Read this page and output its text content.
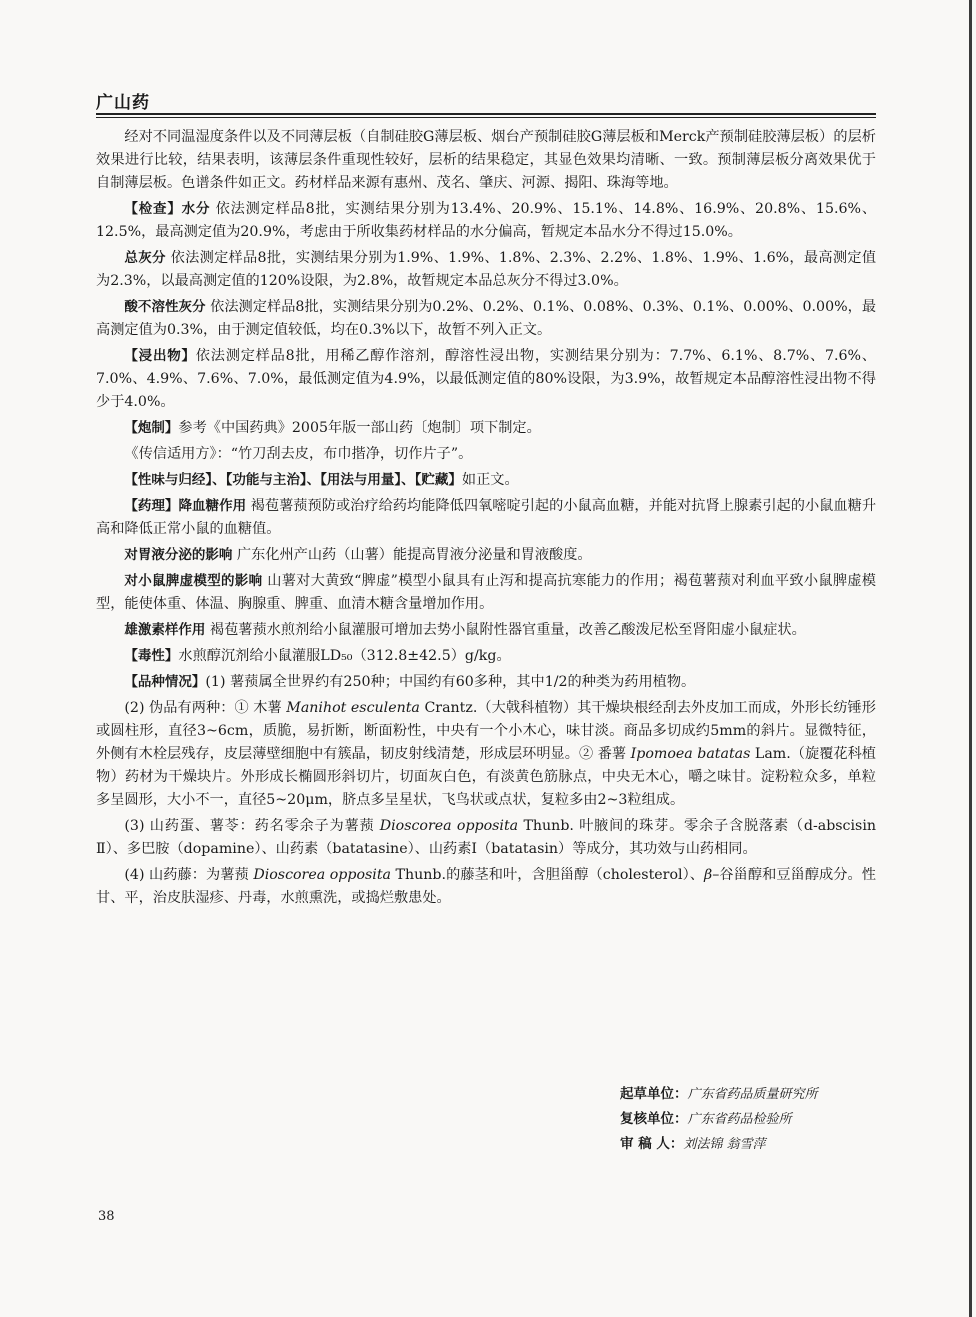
广山药

经对不同温湿度条件以及不同薄层板（自制硅胶G薄层板、烟台产预制硅胶G薄层板和Merck产预制硅胶薄层板）的层析效果进行比较，结果表明，该薄层条件重现性较好，层析的结果稳定，其显色效果均清晰、一致。预制薄层板分离效果优于自制薄层板。色谱条件如正文。药材样品来源有惠州、茂名、肇庆、河源、揭阳、珠海等地。

【检查】水分 依法测定样品8批，实测结果分别为13.4%、20.9%、15.1%、14.8%、16.9%、20.8%、15.6%、12.5%，最高测定值为20.9%，考虑由于所收集药材样品的水分偏高，暂规定本品水分不得过15.0%。

总灰分 依法测定样品8批，实测结果分别为1.9%、1.9%、1.8%、2.3%、2.2%、1.8%、1.9%、1.6%，最高测定值为2.3%，以最高测定值的120%设限，为2.8%，故暂规定本品总灰分不得过3.0%。

酸不溶性灰分 依法测定样品8批，实测结果分别为0.2%、0.2%、0.1%、0.08%、0.3%、0.1%、0.00%、0.00%，最高测定值为0.3%，由于测定值较低，均在0.3%以下，故暂不列入正文。

【浸出物】依法测定样品8批，用稀乙醇作溶剂，醇溶性浸出物，实测结果分别为：7.7%、6.1%、8.7%、7.6%、7.0%、4.9%、7.6%、7.0%，最低测定值为4.9%，以最低测定值的80%设限，为3.9%，故暂规定本品醇溶性浸出物不得少于4.0%。

【炮制】参考《中国药典》2005年版一部山药〔炮制〕项下制定。

《传信适用方》：“竹刀刮去皮，布巾揩净，切作片子”。

【性味与归经】、【功能与主治】、【用法与用量】、【贮藏】如正文。

【药理】降血糖作用 褐苞薯蓣预防或治疗给药均能降低四氧嘧啶引起的小鼠高血糖，并能对抗肾上腺素引起的小鼠血糖升高和降低正常小鼠的血糖值。

对胃液分泌的影响 广东化州产山药（山薯）能提高胃液分泌量和胃液酸度。

对小鼠脾虚模型的影响 山薯对大黄致“脾虚”模型小鼠具有止泻和提高抗寒能力的作用；褐苞薯蓣对利血平致小鼠脾虚模型，能使体重、体温、胸腺重、脾重、血清木糖含量增加作用。

雄激素样作用 褐苞薯蓣水煎剂给小鼠灌服可增加去势小鼠附性器官重量，改善乙酸泼尼松至肾阳虚小鼠症状。

【毒性】水煎醇沉剂给小鼠灌服LD₅₀（312.8±42.5）g/kg。

【品种情况】(1) 薯蓣属全世界约有250种；中国约有60多种，其中1/2的种类为药用植物。

(2) 伪品有两种：① 木薯 Manihot esculenta Crantz.（大戟科植物）其干燥块根经刮去外皮加工而成，外形长纺锤形或圆柱形，直径3~6cm，质脆，易折断，断面粉性，中央有一个小木心，味甘淡。商品多切成约5mm的斜片。显微特征，外侧有木栓层残存，皮层薄壁细胞中有簇晶，韧皮射线清楚，形成层环明显。② 番薯 Ipomoea batatas Lam.（旋覆花科植物）药材为干燥块片。外形成长椭圆形斜切片，切面灰白色，有淡黄色筋脉点，中央无木心，嚼之味甘。淀粉粒众多，单粒多呈圆形，大小不一，直径5~20μm，脐点多呈星状，飞鸟状或点状，复粒多由2~3粒组成。

(3) 山药蛋、薯苓：药名零余子为薯蓣 Dioscorea opposita Thunb. 叶腋间的珠芽。零余子含脱落素（d-abscisin Ⅱ）、多巴胺（dopamine）、山药素（batatasine）、山药素Ⅰ（batatasin）等成分，其功效与山药相同。

(4) 山药藤：为薯蓣 Dioscorea opposita Thunb.的藤茎和叶，含胆甾醇（cholesterol）、β–谷甾醇和豆甾醇成分。性甘、平，治皮肤湿疹、丹毒，水煎熏洗，或捣烂敷患处。

起草单位：广东省药品质量研究所
复核单位：广东省药品检验所
审 稿 人：刘法锦 翁雪萍
38
